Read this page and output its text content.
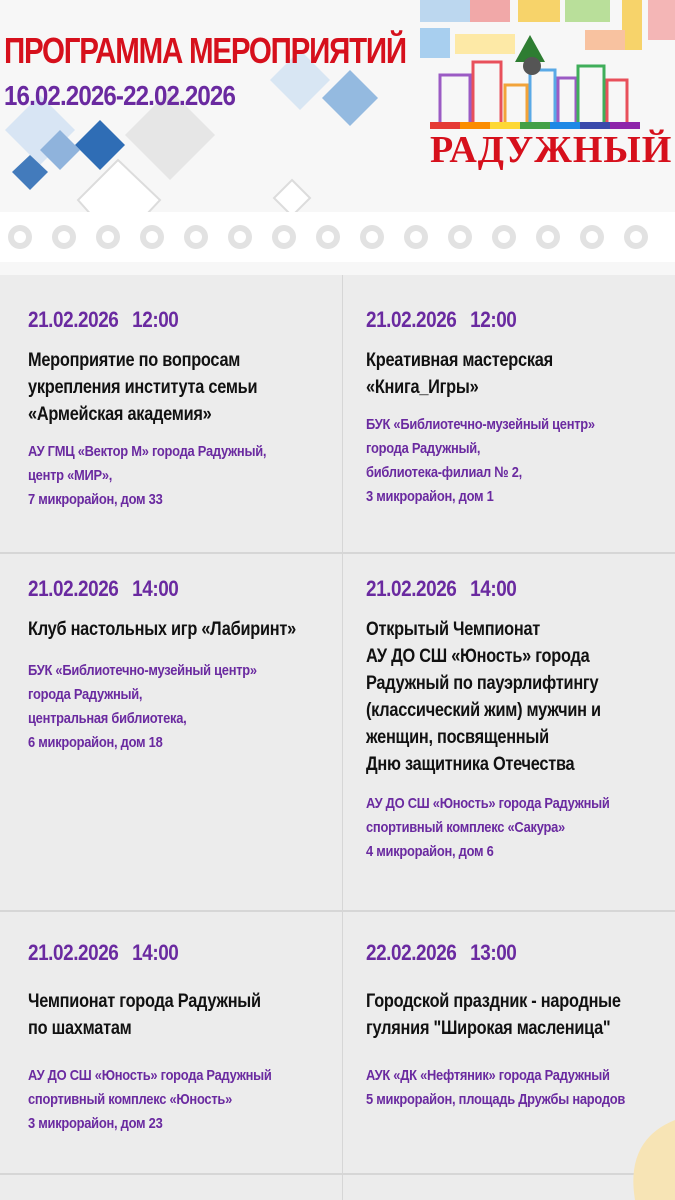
ПРОГРАММА МЕРОПРИЯТИЙ
16.02.2026-22.02.2026
РАДУЖНЫЙ
21.02.2026 12:00
Мероприятие по вопросам
укрепления института семьи
«Армейская академия»
АУ ГМЦ «Вектор М» города Радужный,
центр «МИР»,
7 микрорайон, дом 33
21.02.2026 12:00
Креативная мастерская
«Книга_Игры»
БУК «Библиотечно-музейный центр»
города Радужный,
библиотека-филиал № 2,
3 микрорайон, дом 1
21.02.2026 14:00
Клуб настольных игр «Лабиринт»
БУК «Библиотечно-музейный центр»
города Радужный,
центральная библиотека,
6 микрорайон, дом 18
21.02.2026 14:00
Открытый Чемпионат
АУ ДО СШ «Юность» города
Радужный по пауэрлифтингу
(классический жим) мужчин и
женщин, посвященный
Дню защитника Отечества
АУ ДО СШ «Юность» города Радужный
спортивный комплекс «Сакура»
4 микрорайон, дом 6
21.02.2026 14:00
Чемпионат города Радужный
по шахматам
АУ ДО СШ «Юность» города Радужный
спортивный комплекс «Юность»
3 микрорайон, дом 23
22.02.2026 13:00
Городской праздник - народные
гуляния "Широкая масленица"
АУК «ДК «Нефтяник» города Радужный
5 микрорайон, площадь Дружбы народов
